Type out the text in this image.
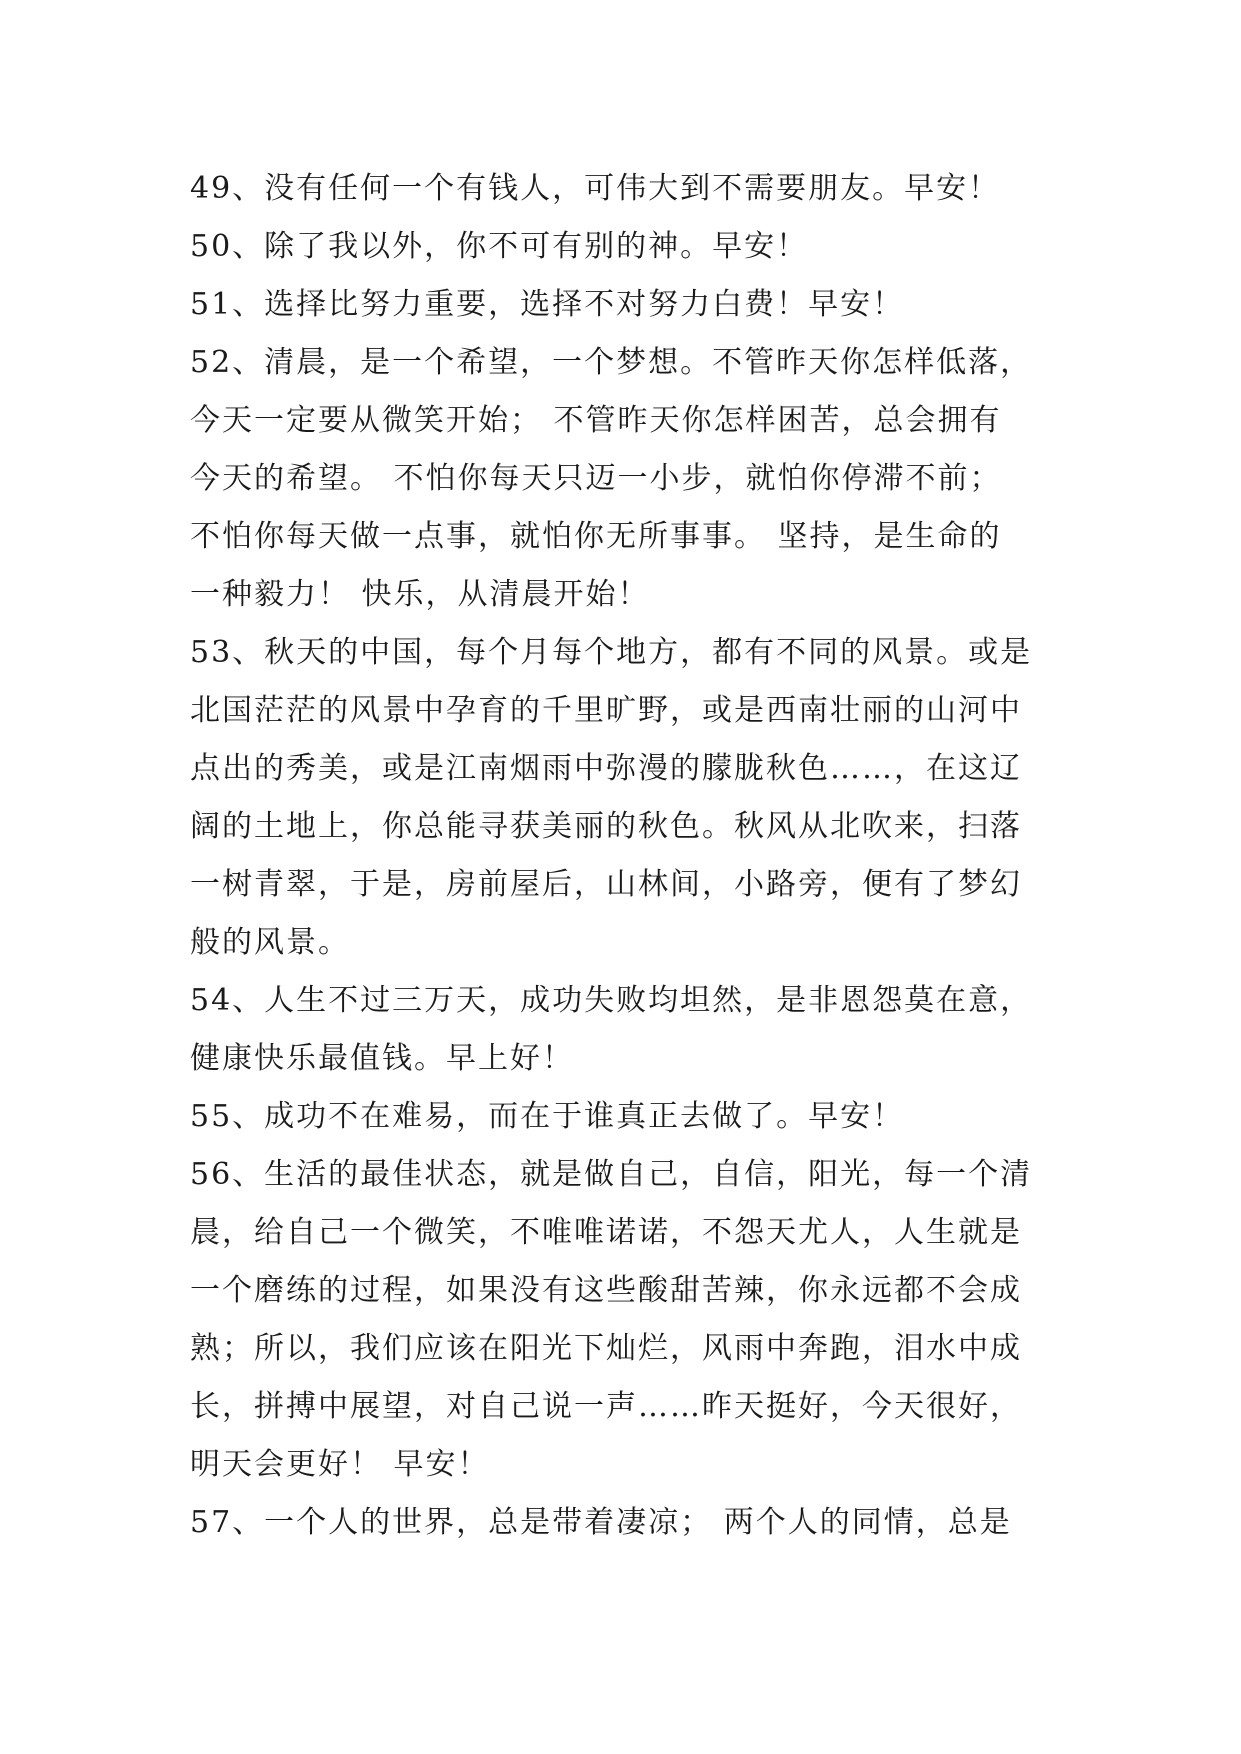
49、没有任何一个有钱人，可伟大到不需要朋友。早安！
50、除了我以外，你不可有别的神。早安！
51、选择比努力重要，选择不对努力白费！早安！
52、清晨，是一个希望，一个梦想。不管昨天你怎样低落，
今天一定要从微笑开始； 不管昨天你怎样困苦，总会拥有
今天的希望。 不怕你每天只迈一小步，就怕你停滞不前；
不怕你每天做一点事，就怕你无所事事。 坚持，是生命的
一种毅力！ 快乐，从清晨开始！
53、秋天的中国，每个月每个地方，都有不同的风景。或是
北国茫茫的风景中孕育的千里旷野，或是西南壮丽的山河中
点出的秀美，或是江南烟雨中弥漫的朦胧秋色……，在这辽
阔的土地上，你总能寻获美丽的秋色。秋风从北吹来，扫落
一树青翠，于是，房前屋后，山林间，小路旁，便有了梦幻
般的风景。
54、人生不过三万天，成功失败均坦然，是非恩怨莫在意，
健康快乐最值钱。早上好！
55、成功不在难易，而在于谁真正去做了。早安！
56、生活的最佳状态，就是做自己，自信，阳光，每一个清
晨，给自己一个微笑，不唯唯诺诺，不怨天尤人，人生就是
一个磨练的过程，如果没有这些酸甜苦辣，你永远都不会成
熟；所以，我们应该在阳光下灿烂，风雨中奔跑，泪水中成
长，拼搏中展望，对自己说一声……昨天挺好，今天很好，
明天会更好！ 早安！
57、一个人的世界，总是带着凄凉； 两个人的同情，总是
